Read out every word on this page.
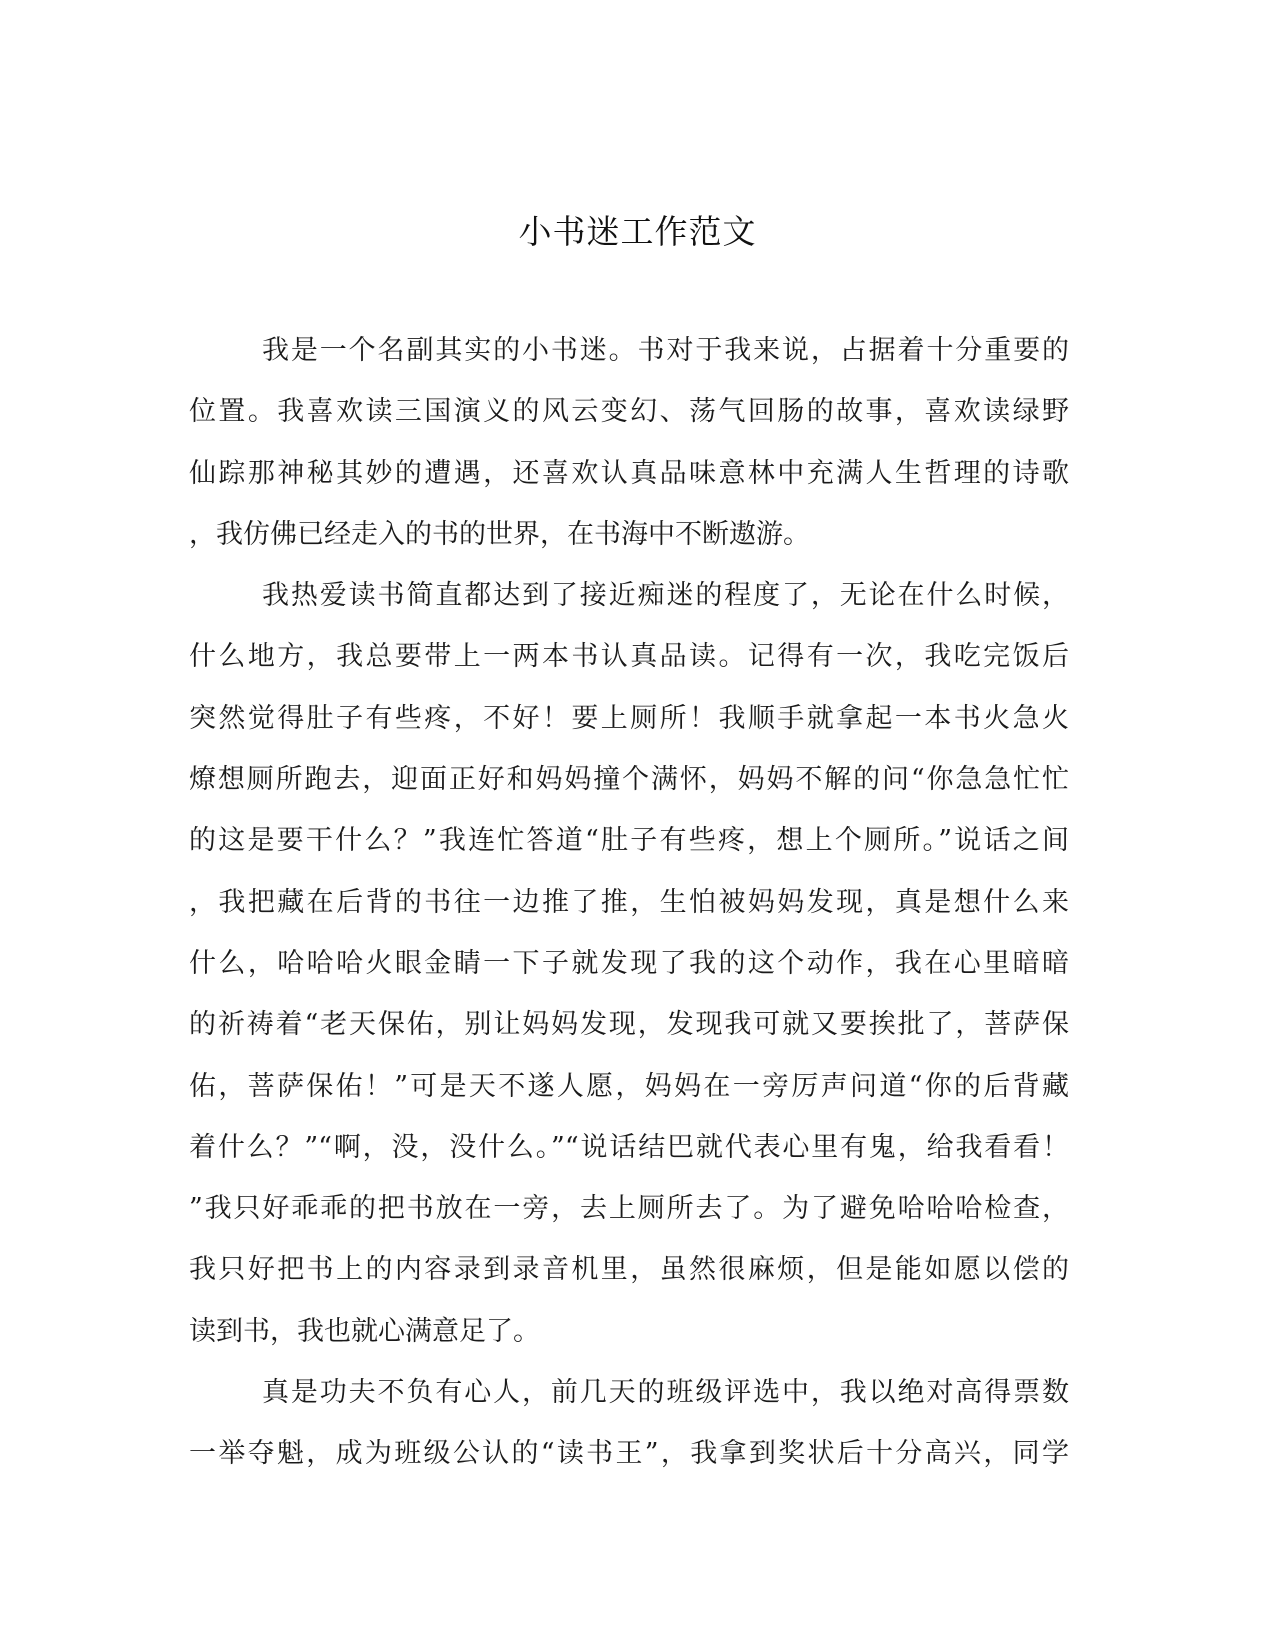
小书迷工作范文
我是一个名副其实的小书迷。书对于我来说，占据着十分重要的
位置。我喜欢读三国演义的风云变幻、荡气回肠的故事，喜欢读绿野
仙踪那神秘其妙的遭遇，还喜欢认真品味意林中充满人生哲理的诗歌
，我仿佛已经走入的书的世界，在书海中不断遨游。
我热爱读书简直都达到了接近痴迷的程度了，无论在什么时候，
什么地方，我总要带上一两本书认真品读。记得有一次，我吃完饭后
突然觉得肚子有些疼，不好！要上厕所！我顺手就拿起一本书火急火
燎想厕所跑去，迎面正好和妈妈撞个满怀，妈妈不解的问“你急急忙忙
的这是要干什么？”我连忙答道“肚子有些疼，想上个厕所。”说话之间
，我把藏在后背的书往一边推了推，生怕被妈妈发现，真是想什么来
什么，哈哈哈火眼金睛一下子就发现了我的这个动作，我在心里暗暗
的祈祷着“老天保佑，别让妈妈发现，发现我可就又要挨批了，菩萨保
佑，菩萨保佑！”可是天不遂人愿，妈妈在一旁厉声问道“你的后背藏
着什么？”“啊，没，没什么。”“说话结巴就代表心里有鬼，给我看看！
”我只好乖乖的把书放在一旁，去上厕所去了。为了避免哈哈哈检查，
我只好把书上的内容录到录音机里，虽然很麻烦，但是能如愿以偿的
读到书，我也就心满意足了。
真是功夫不负有心人，前几天的班级评选中，我以绝对高得票数
一举夺魁，成为班级公认的“读书王”，我拿到奖状后十分高兴，同学
